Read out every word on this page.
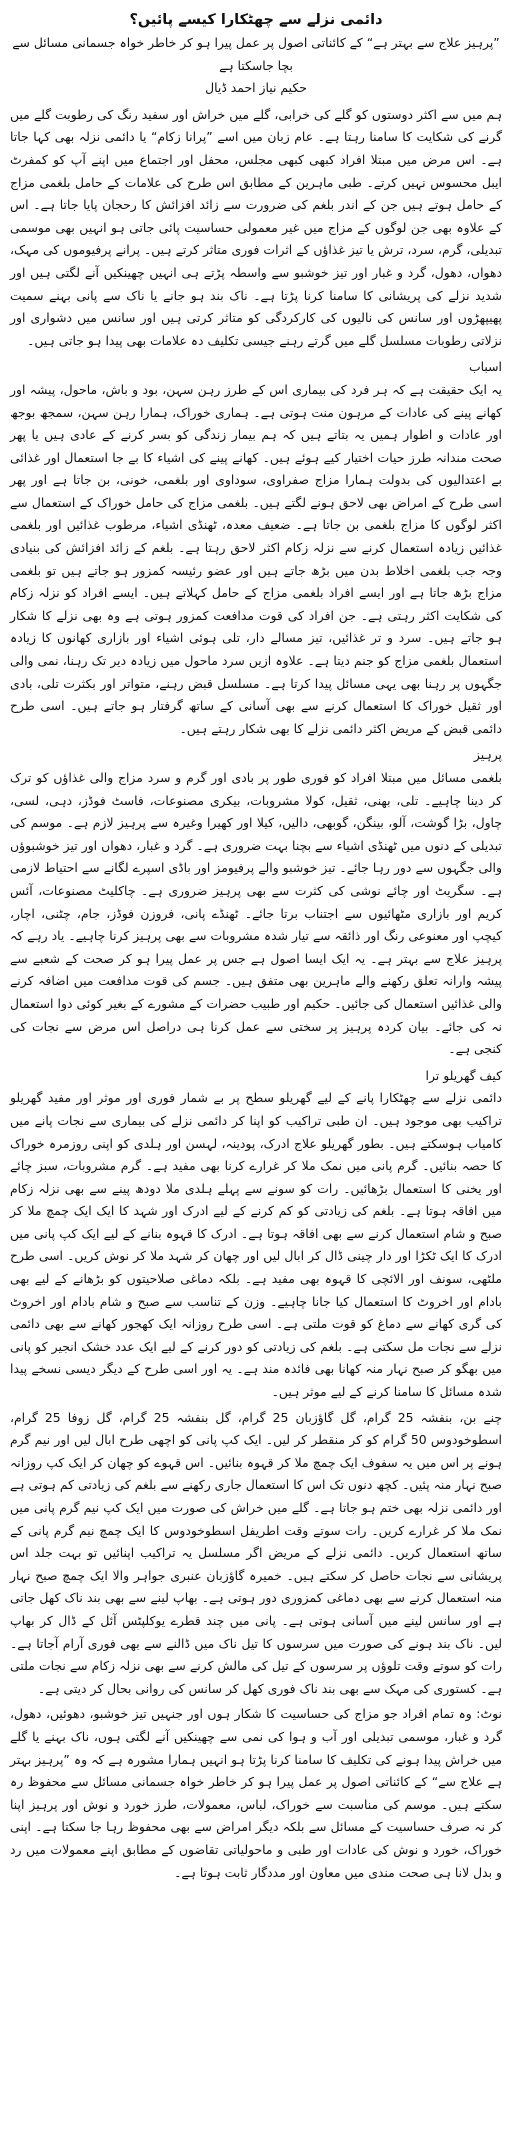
دائمی نزلے سے چھٹکارا کیسے پائیں؟
”پرہیز علاج سے بہتر ہے“ کے کائناتی اصول پر عمل پیرا ہو کر خاطر خواہ جسمانی مسائل سے بچا جاسکتا ہے
حکیم نیاز احمد ڈیال
ہم میں سے اکثر دوستوں کو گلے کی خرابی، گلے میں خراش اور سفید رنگ کی رطوبت گلے میں گرنے کی شکایت کا سامنا رہتا ہے۔ عام زبان میں اسے ”پرانا زکام“ یا دائمی نزلہ بھی کہا جاتا ہے۔ اس مرض میں مبتلا افراد کبھی کبھی مجلس، محفل اور اجتماع میں اپنے آپ کو کمفرٹ ایبل محسوس نہیں کرتے۔ طبی ماہرین کے مطابق اس طرح کی علامات کے حامل بلغمی مزاج کے حامل ہوتے ہیں جن کے اندر بلغم کی ضرورت سے زائد افزائش کا رحجان پایا جاتا ہے۔ اس کے علاوہ بھی جن لوگوں کے مزاج میں غیر معمولی حساسیت پائی جاتی ہو انہیں بھی موسمی تبدیلی، گرم، سرد، ترش یا تیز غذاؤں کے اثرات فوری متاثر کرتے ہیں۔ پرانے پرفیوموں کی مہک، دھواں، دھول، گرد و غبار اور تیز خوشبو سے واسطہ پڑتے ہی انہیں چھینکیں آنے لگتی ہیں اور شدید نزلے کی پریشانی کا سامنا کرنا پڑتا ہے۔ ناک بند ہو جانے یا ناک سے پانی بہنے سمیت پھیپھڑوں اور سانس کی نالیوں کی کارکردگی کو متاثر کرتی ہیں اور سانس میں دشواری اور نزلاتی رطوبات مسلسل گلے میں گرتے رہنے جیسی تکلیف دہ علامات بھی پیدا ہو جاتی ہیں۔
اسباب
یہ ایک حقیقت ہے کہ ہر فرد کی بیماری اس کے طرز رہن سہن، بود و باش، ماحول، پیشہ اور کھانے پینے کی عادات کے مرہون منت ہوتی ہے۔ ہماری خوراک، ہمارا رہن سہن، سمجھ بوجھ اور عادات و اطوار ہمیں یہ بتاتے ہیں کہ ہم بیمار زندگی کو بسر کرنے کے عادی ہیں یا پھر صحت مندانہ طرز حیات اختیار کیے ہوئے ہیں۔ کھانے پینے کی اشیاء کا بے جا استعمال اور غذائی بے اعتدالیوں کی بدولت ہمارا مزاج صفراوی، سوداوی اور بلغمی، خونی، بن جاتا ہے اور پھر اسی طرح کے امراض بھی لاحق ہونے لگتے ہیں۔ بلغمی مزاج کی حامل خوراک کے استعمال سے اکثر لوگوں کا مزاج بلغمی بن جاتا ہے۔ ضعیف معدہ، ٹھنڈی اشیاء، مرطوب غذائیں اور بلغمی غذائیں زیادہ استعمال کرنے سے نزلہ زکام اکثر لاحق رہتا ہے۔ بلغم کے زائد افزائش کی بنیادی وجہ جب بلغمی اخلاط بدن میں بڑھ جاتے ہیں اور عضو رئیسہ کمزور ہو جاتے ہیں تو بلغمی مزاج بڑھ جاتا ہے اور ایسے افراد بلغمی مزاج کے حامل کہلاتے ہیں۔ ایسے افراد کو نزلہ زکام کی شکایت اکثر رہتی ہے۔ جن افراد کی قوت مدافعت کمزور ہوتی ہے وہ بھی نزلے کا شکار ہو جاتے ہیں۔ سرد و تر غذائیں، تیز مسالے دار، تلی ہوئی اشیاء اور بازاری کھانوں کا زیادہ استعمال بلغمی مزاج کو جنم دیتا ہے۔ علاوہ ازیں سرد ماحول میں زیادہ دیر تک رہنا، نمی والی جگہوں پر رہنا بھی یہی مسائل پیدا کرتا ہے۔ مسلسل قبض رہنے، متواتر اور بکثرت تلی، بادی اور ثقیل خوراک کا استعمال کرنے سے بھی آسانی کے ساتھ گرفتار ہو جاتے ہیں۔ اسی طرح دائمی قبض کے مریض اکثر دائمی نزلے کا بھی شکار رہتے ہیں۔
پرہیز
بلغمی مسائل میں مبتلا افراد کو فوری طور پر بادی اور گرم و سرد مزاج والی غذاؤں کو ترک کر دینا چاہیے۔ تلی، بھنی، ثقیل، کولا مشروبات، بیکری مصنوعات، فاسٹ فوڈز، دہی، لسی، چاول، بڑا گوشت، آلو، بینگن، گوبھی، دالیں، کیلا اور کھیرا وغیرہ سے پرہیز لازم ہے۔ موسم کی تبدیلی کے دنوں میں ٹھنڈی اشیاء سے بچنا بہت ضروری ہے۔ گرد و غبار، دھواں اور تیز خوشبوؤں والی جگہوں سے دور رہا جائے۔ تیز خوشبو والے پرفیومز اور باڈی اسپرے لگانے سے احتیاط لازمی ہے۔ سگریٹ اور چائے نوشی کی کثرت سے بھی پرہیز ضروری ہے۔ چاکلیٹ مصنوعات، آئس کریم اور بازاری مٹھائیوں سے اجتناب برتا جائے۔ ٹھنڈے پانی، فروزن فوڈز، جام، چٹنی، اچار، کیچپ اور معنوعی رنگ اور ذائقہ سے تیار شدہ مشروبات سے بھی پرہیز کرنا چاہیے۔ یاد رہے کہ پرہیز علاج سے بہتر ہے۔ یہ ایک ایسا اصول ہے جس پر عمل پیرا ہو کر صحت کے شعبے سے پیشہ وارانہ تعلق رکھنے والے ماہرین بھی متفق ہیں۔ جسم کی قوت مدافعت میں اضافہ کرنے والی غذائیں استعمال کی جائیں۔ حکیم اور طبیب حضرات کے مشورے کے بغیر کوئی دوا استعمال نہ کی جائے۔ بیان کردہ پرہیز پر سختی سے عمل کرنا ہی دراصل اس مرض سے نجات کی کنجی ہے۔
کیف گھریلو ترا
دائمی نزلے سے چھٹکارا پانے کے لیے گھریلو سطح پر بے شمار فوری اور موثر اور مفید گھریلو تراکیب بھی موجود ہیں۔ ان طبی تراکیب کو اپنا کر دائمی نزلے کی بیماری سے نجات پانے میں کامیاب ہوسکتے ہیں۔ بطور گھریلو علاج ادرک، پودینہ، لہسن اور ہلدی کو اپنی روزمرہ خوراک کا حصہ بنائیں۔ گرم پانی میں نمک ملا کر غرارے کرنا بھی مفید ہے۔ گرم مشروبات، سبز چائے اور یخنی کا استعمال بڑھائیں۔ رات کو سونے سے پہلے ہلدی ملا دودھ پینے سے بھی نزلہ زکام میں افاقہ ہوتا ہے۔ بلغم کی زیادتی کو کم کرنے کے لیے ادرک اور شہد کا ایک ایک چمچ ملا کر صبح و شام استعمال کرنے سے بھی افاقہ ہوتا ہے۔ ادرک کا قہوہ بنانے کے لیے ایک کپ پانی میں ادرک کا ایک ٹکڑا اور دار چینی ڈال کر ابال لیں اور چھان کر شہد ملا کر نوش کریں۔ اسی طرح ملٹھی، سونف اور الائچی کا قہوہ بھی مفید ہے۔ بلکہ دماغی صلاحیتوں کو بڑھانے کے لیے بھی بادام اور اخروٹ کا استعمال کیا جانا چاہیے۔ وزن کے تناسب سے صبح و شام بادام اور اخروٹ کی گری کھانے سے دماغ کو قوت ملتی ہے۔ اسی طرح روزانہ ایک کھجور کھانے سے بھی دائمی نزلے سے نجات مل سکتی ہے۔ بلغم کی زیادتی کو دور کرنے کے لیے ایک عدد خشک انجیر کو پانی میں بھگو کر صبح نہار منہ کھانا بھی فائدہ مند ہے۔ یہ اور اسی طرح کے دیگر دیسی نسخے پیدا شدہ مسائل کا سامنا کرنے کے لیے موثر ہیں۔
چنے بن، بنفشہ 25 گرام، گل گاؤزبان 25 گرام، گل بنفشہ 25 گرام، گل زوفا 25 گرام، اسطوخودوس 50 گرام کو کر منقطر کر لیں۔ ایک کپ پانی کو اچھی طرح ابال لیں اور نیم گرم ہونے پر اس میں یہ سفوف ایک چمچ ملا کر قہوہ بنائیں۔ اس قہوے کو چھان کر ایک کپ روزانہ صبح نہار منہ پئیں۔ کچھ دنوں تک اس کا استعمال جاری رکھنے سے بلغم کی زیادتی کم ہوتی ہے اور دائمی نزلہ بھی ختم ہو جاتا ہے۔ گلے میں خراش کی صورت میں ایک کپ نیم گرم پانی میں نمک ملا کر غرارے کریں۔ رات سوتے وقت اطریفل اسطوخودوس کا ایک چمچ نیم گرم پانی کے ساتھ استعمال کریں۔ دائمی نزلے کے مریض اگر مسلسل یہ تراکیب اپنائیں تو بہت جلد اس پریشانی سے نجات حاصل کر سکتے ہیں۔ خمیرہ گاؤزبان عنبری جواہر والا ایک چمچ صبح نہار منہ استعمال کرنے سے بھی دماغی کمزوری دور ہوتی ہے۔ بھاپ لینے سے بھی بند ناک کھل جاتی ہے اور سانس لینے میں آسانی ہوتی ہے۔ پانی میں چند قطرے یوکلپٹس آئل کے ڈال کر بھاپ لیں۔ ناک بند ہونے کی صورت میں سرسوں کا تیل ناک میں ڈالنے سے بھی فوری آرام آجاتا ہے۔ رات کو سوتے وقت تلوؤں پر سرسوں کے تیل کی مالش کرنے سے بھی نزلہ زکام سے نجات ملتی ہے۔ کستوری کی مہک سے بھی بند ناک فوری کھل کر سانس کی روانی بحال کر دیتی ہے۔
نوٹ: وہ تمام افراد جو مزاج کی حساسیت کا شکار ہوں اور جنہیں تیز خوشبو، دھوئیں، دھول، گرد و غبار، موسمی تبدیلی اور آب و ہوا کی نمی سے چھینکیں آنے لگتی ہوں، ناک بہنے یا گلے میں خراش پیدا ہونے کی تکلیف کا سامنا کرنا پڑتا ہو انہیں ہمارا مشورہ ہے کہ وہ ”پرہیز بہتر ہے علاج سے“ کے کائناتی اصول پر عمل پیرا ہو کر خاطر خواہ جسمانی مسائل سے محفوظ رہ سکتے ہیں۔ موسم کی مناسبت سے خوراک، لباس، معمولات، طرز خورد و نوش اور پرہیز اپنا کر نہ صرف حساسیت کے مسائل سے بلکہ دیگر امراض سے بھی محفوظ رہا جا سکتا ہے۔ اپنی خوراک، خورد و نوش کی عادات اور طبی و ماحولیاتی تقاضوں کے مطابق اپنے معمولات میں رد و بدل لانا ہی صحت مندی میں معاون اور مددگار ثابت ہوتا ہے۔
